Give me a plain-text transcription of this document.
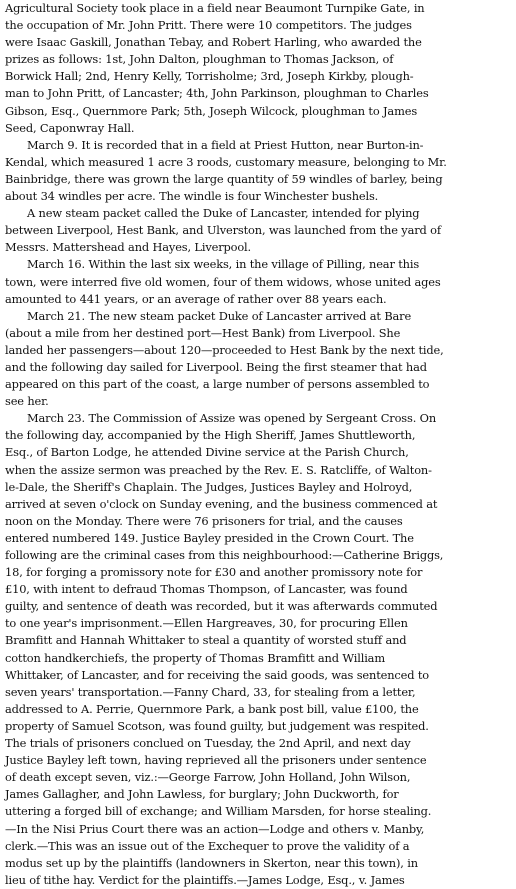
Agricultural Society took place in a field near Beaumont Turnpike Gate, in
the occupation of Mr. John Pritt. There were 10 competitors. The judges
were Isaac Gaskill, Jonathan Tebay, and Robert Harling, who awarded the
prizes as follows: 1st, John Dalton, ploughman to Thomas Jackson, of
Borwick Hall; 2nd, Henry Kelly, Torrisholme; 3rd, Joseph Kirkby, plough-
man to John Pritt, of Lancaster; 4th, John Parkinson, ploughman to Charles
Gibson, Esq., Quernmore Park; 5th, Joseph Wilcock, ploughman to James
Seed, Caponwray Hall.
March 9. It is recorded that in a field at Priest Hutton, near Burton-in-
Kendal, which measured 1 acre 3 roods, customary measure, belonging to Mr.
Bainbridge, there was grown the large quantity of 59 windles of barley, being
about 34 windles per acre. The windle is four Winchester bushels.
A new steam packet called the Duke of Lancaster, intended for plying
between Liverpool, Hest Bank, and Ulverston, was launched from the yard of
Messrs. Mattershead and Hayes, Liverpool.
March 16. Within the last six weeks, in the village of Pilling, near this
town, were interred five old women, four of them widows, whose united ages
amounted to 441 years, or an average of rather over 88 years each.
March 21. The new steam packet Duke of Lancaster arrived at Bare
(about a mile from her destined port—Hest Bank) from Liverpool. She
landed her passengers—about 120—proceeded to Hest Bank by the next tide,
and the following day sailed for Liverpool. Being the first steamer that had
appeared on this part of the coast, a large number of persons assembled to
see her.
March 23. The Commission of Assize was opened by Sergeant Cross. On
the following day, accompanied by the High Sheriff, James Shuttleworth,
Esq., of Barton Lodge, he attended Divine service at the Parish Church,
when the assize sermon was preached by the Rev. E. S. Ratcliffe, of Walton-
le-Dale, the Sheriff's Chaplain. The Judges, Justices Bayley and Holroyd,
arrived at seven o'clock on Sunday evening, and the business commenced at
noon on the Monday. There were 76 prisoners for trial, and the causes
entered numbered 149. Justice Bayley presided in the Crown Court. The
following are the criminal cases from this neighbourhood:—Catherine Briggs,
18, for forging a promissory note for £30 and another promissory note for
£10, with intent to defraud Thomas Thompson, of Lancaster, was found
guilty, and sentence of death was recorded, but it was afterwards commuted
to one year's imprisonment.—Ellen Hargreaves, 30, for procuring Ellen
Bramfitt and Hannah Whittaker to steal a quantity of worsted stuff and
cotton handkerchiefs, the property of Thomas Bramfitt and William
Whittaker, of Lancaster, and for receiving the said goods, was sentenced to
seven years' transportation.—Fanny Chard, 33, for stealing from a letter,
addressed to A. Perrie, Quernmore Park, a bank post bill, value £100, the
property of Samuel Scotson, was found guilty, but judgement was respited.
The trials of prisoners conclued on Tuesday, the 2nd April, and next day
Justice Bayley left town, having reprieved all the prisoners under sentence
of death except seven, viz.:—George Farrow, John Holland, John Wilson,
James Gallagher, and John Lawless, for burglary; John Duckworth, for
uttering a forged bill of exchange; and William Marsden, for horse stealing.
—In the Nisi Prius Court there was an action—Lodge and others v. Manby,
clerk.—This was an issue out of the Exchequer to prove the validity of a
modus set up by the plaintiffs (landowners in Skerton, near this town), in
lieu of tithe hay. Verdict for the plaintiffs.—James Lodge, Esq., v. James
